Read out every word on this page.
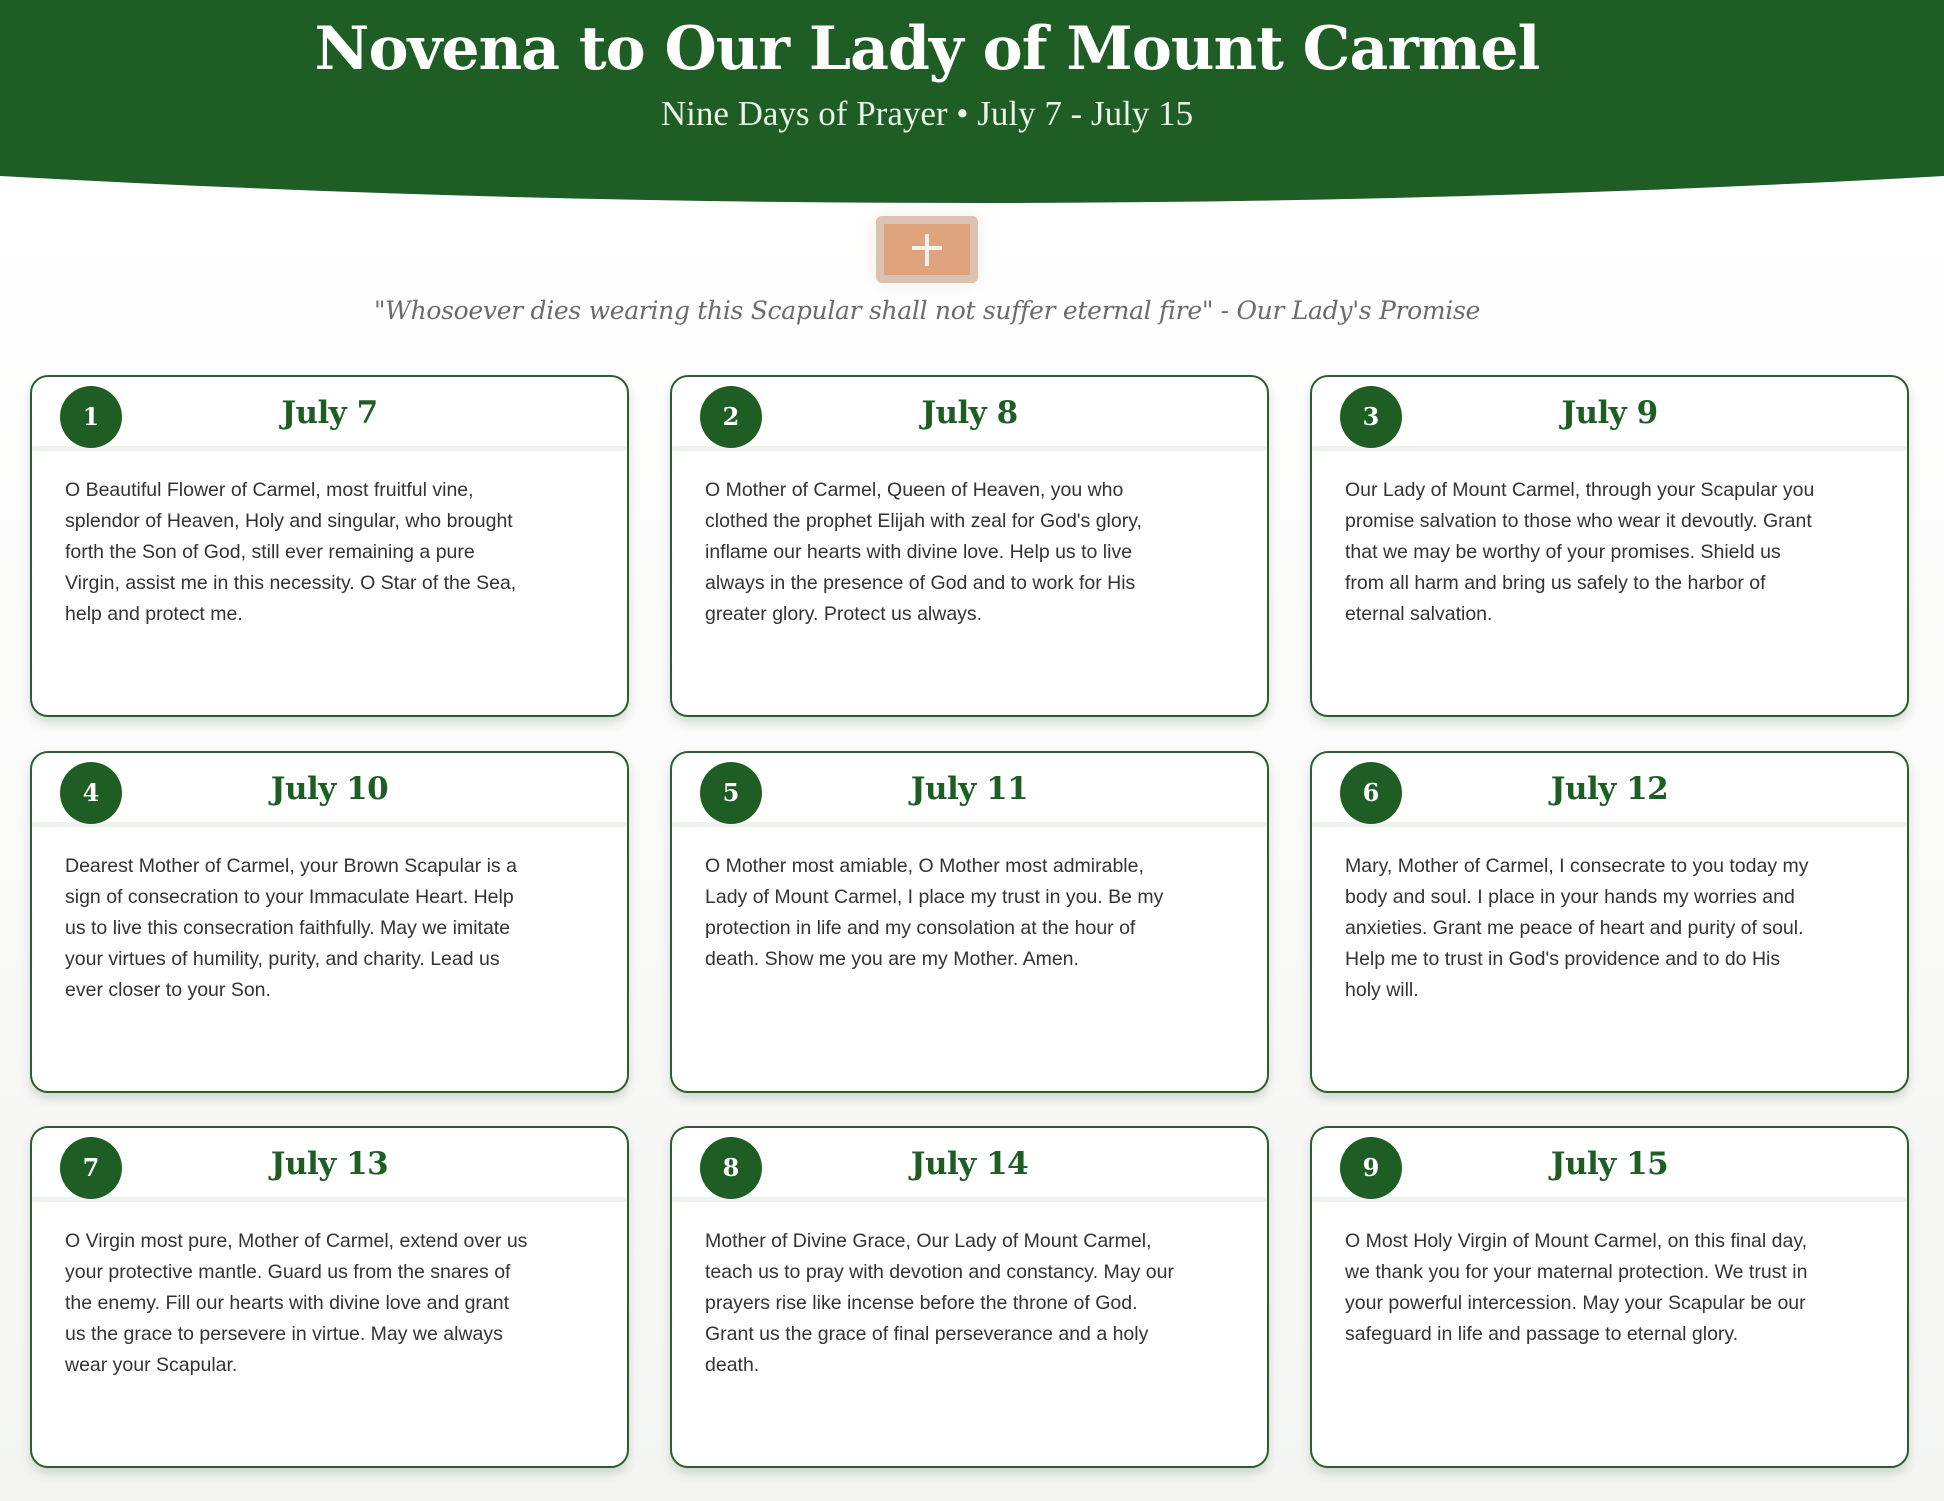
Novena to Our Lady of Mount Carmel
Nine Days of Prayer • July 7 - July 15
"Whosoever dies wearing this Scapular shall not suffer eternal fire" - Our Lady's Promise
1	July 7

O Beautiful Flower of Carmel, most fruitful vine, splendor of Heaven, Holy and singular, who brought forth the Son of God, still ever remaining a pure Virgin, assist me in this necessity. O Star of the Sea, help and protect me.

2	July 8

O Mother of Carmel, Queen of Heaven, you who clothed the prophet Elijah with zeal for God's glory, inflame our hearts with divine love. Help us to live always in the presence of God and to work for His greater glory. Protect us always.

3	July 9

Our Lady of Mount Carmel, through your Scapular you promise salvation to those who wear it devoutly. Grant that we may be worthy of your promises. Shield us from all harm and bring us safely to the harbor of eternal salvation.

4	July 10

Dearest Mother of Carmel, your Brown Scapular is a sign of consecration to your Immaculate Heart. Help us to live this consecration faithfully. May we imitate your virtues of humility, purity, and charity. Lead us ever closer to your Son.

5	July 11

O Mother most amiable, O Mother most admirable, Lady of Mount Carmel, I place my trust in you. Be my protection in life and my consolation at the hour of death. Show me you are my Mother. Amen.

6	July 12

Mary, Mother of Carmel, I consecrate to you today my body and soul. I place in your hands my worries and anxieties. Grant me peace of heart and purity of soul. Help me to trust in God's providence and to do His holy will.

7	July 13

O Virgin most pure, Mother of Carmel, extend over us your protective mantle. Guard us from the snares of the enemy. Fill our hearts with divine love and grant us the grace to persevere in virtue. May we always wear your Scapular.

8	July 14

Mother of Divine Grace, Our Lady of Mount Carmel, teach us to pray with devotion and constancy. May our prayers rise like incense before the throne of God. Grant us the grace of final perseverance and a holy death.

9	July 15

O Most Holy Virgin of Mount Carmel, on this final day, we thank you for your maternal protection. We trust in your powerful intercession. May your Scapular be our safeguard in life and passage to eternal glory.
